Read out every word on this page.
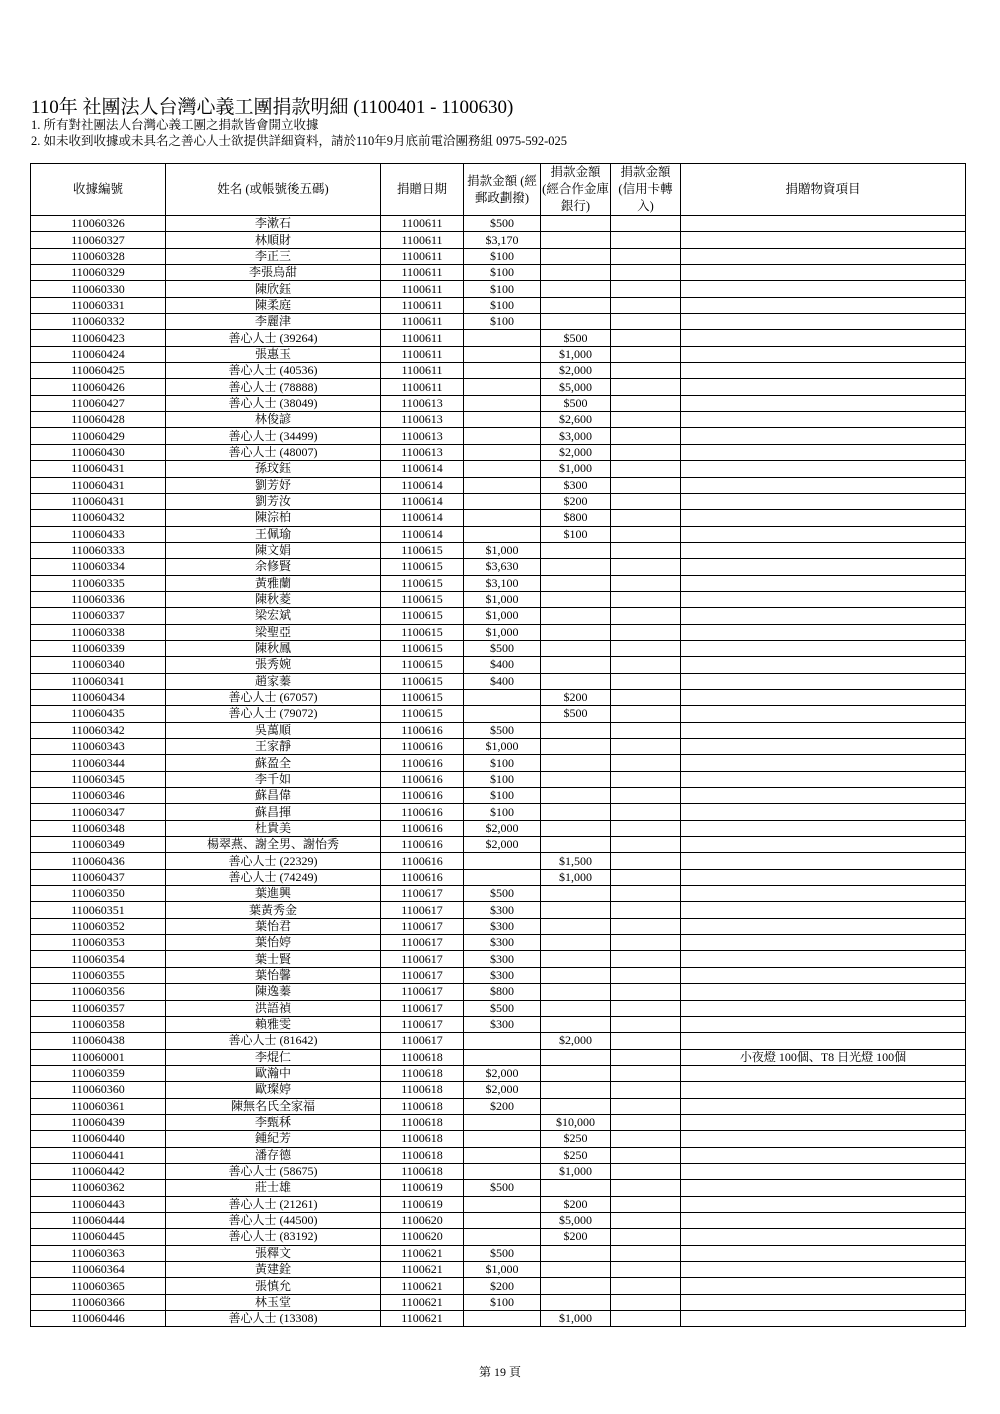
110年 社團法人台灣心義工團捐款明細 (1100401 - 1100630)
1. 所有對社團法人台灣心義工團之捐款皆會開立收據
2. 如未收到收據或未具名之善心人士欲提供詳細資料，請於110年9月底前電洽團務組 0975-592-025
收據編號	姓名 (或帳號後五碼)	捐贈日期	捐款金額 (經郵政劃撥)	捐款金額 (經合作金庫銀行)	捐款金額 (信用卡轉入)	捐贈物資項目
110060326	李漱石	1100611	$500			
110060327	林順財	1100611	$3,170			
110060328	李正三	1100611	$100			
110060329	李張烏甜	1100611	$100			
110060330	陳欣鈺	1100611	$100			
110060331	陳柔庭	1100611	$100			
110060332	李麗津	1100611	$100			
110060423	善心人士 (39264)	1100611		$500		
110060424	張惠玉	1100611		$1,000		
110060425	善心人士 (40536)	1100611		$2,000		
110060426	善心人士 (78888)	1100611		$5,000		
110060427	善心人士 (38049)	1100613		$500		
110060428	林俊諺	1100613		$2,600		
110060429	善心人士 (34499)	1100613		$3,000		
110060430	善心人士 (48007)	1100613		$2,000		
110060431	孫玟鈺	1100614		$1,000		
110060431	劉芳妤	1100614		$300		
110060431	劉芳汝	1100614		$200		
110060432	陳淙柏	1100614		$800		
110060433	王佩瑜	1100614		$100		
110060333	陳文娟	1100615	$1,000			
110060334	余修賢	1100615	$3,630			
110060335	黃雅蘭	1100615	$3,100			
110060336	陳秋菱	1100615	$1,000			
110060337	梁宏斌	1100615	$1,000			
110060338	梁聖亞	1100615	$1,000			
110060339	陳秋鳳	1100615	$500			
110060340	張秀婉	1100615	$400			
110060341	趙家蓁	1100615	$400			
110060434	善心人士 (67057)	1100615		$200		
110060435	善心人士 (79072)	1100615		$500		
110060342	吳萬順	1100616	$500			
110060343	王家靜	1100616	$1,000			
110060344	蘇盈全	1100616	$100			
110060345	李千如	1100616	$100			
110060346	蘇昌偉	1100616	$100			
110060347	蘇昌揮	1100616	$100			
110060348	杜貴美	1100616	$2,000			
110060349	楊翠燕、謝全男、謝怡秀	1100616	$2,000			
110060436	善心人士 (22329)	1100616		$1,500		
110060437	善心人士 (74249)	1100616		$1,000		
110060350	葉進興	1100617	$500			
110060351	葉黃秀金	1100617	$300			
110060352	葉怡君	1100617	$300			
110060353	葉怡婷	1100617	$300			
110060354	葉士賢	1100617	$300			
110060355	葉怡馨	1100617	$300			
110060356	陳逸蓁	1100617	$800			
110060357	洪語禎	1100617	$500			
110060358	賴雅雯	1100617	$300			
110060438	善心人士 (81642)	1100617		$2,000		
110060001	李焜仁	1100618				小夜燈 100個、T8 日光燈 100個
110060359	歐瀚中	1100618	$2,000			
110060360	歐璨婷	1100618	$2,000			
110060361	陳無名氏全家福	1100618	$200			
110060439	李甄秝	1100618		$10,000		
110060440	鍾紀芳	1100618		$250		
110060441	潘存德	1100618		$250		
110060442	善心人士 (58675)	1100618		$1,000		
110060362	莊士雄	1100619	$500			
110060443	善心人士 (21261)	1100619		$200		
110060444	善心人士 (44500)	1100620		$5,000		
110060445	善心人士 (83192)	1100620		$200		
110060363	張釋文	1100621	$500			
110060364	黃建銓	1100621	$1,000			
110060365	張慎允	1100621	$200			
110060366	林玉堂	1100621	$100			
110060446	善心人士 (13308)	1100621		$1,000		
第 19 頁
